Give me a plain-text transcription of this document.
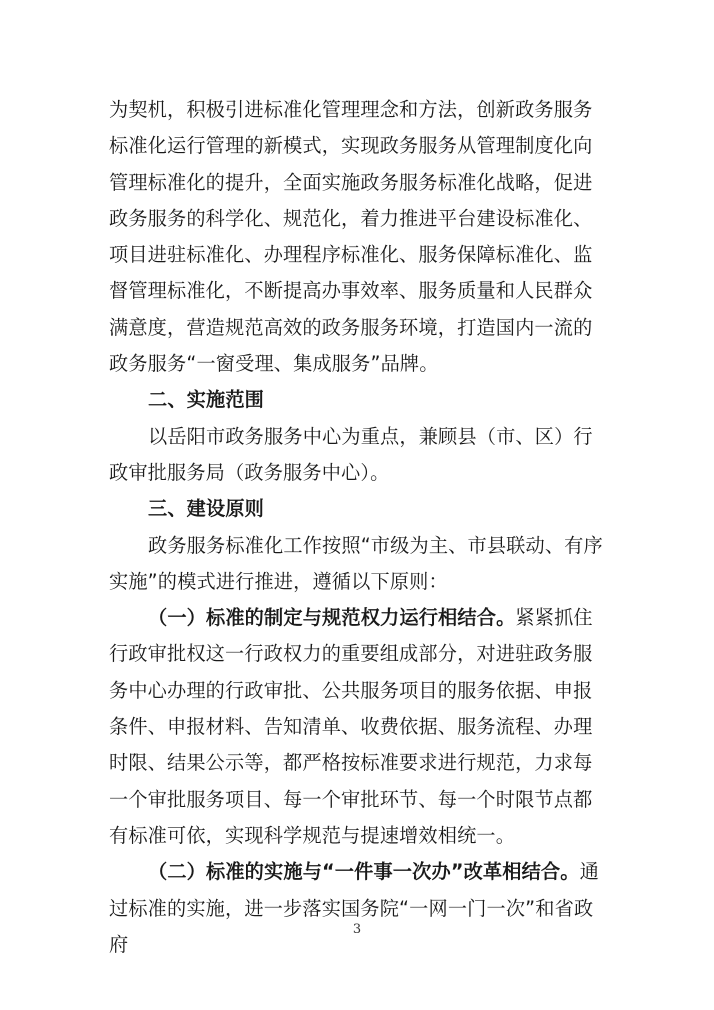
为契机，积极引进标准化管理理念和方法，创新政务服务标准化运行管理的新模式，实现政务服务从管理制度化向管理标准化的提升，全面实施政务服务标准化战略，促进政务服务的科学化、规范化，着力推进平台建设标准化、项目进驻标准化、办理程序标准化、服务保障标准化、监督管理标准化，不断提高办事效率、服务质量和人民群众满意度，营造规范高效的政务服务环境，打造国内一流的政务服务“一窗受理、集成服务”品牌。

二、实施范围

以岳阳市政务服务中心为重点，兼顾县（市、区）行政审批服务局（政务服务中心）。

三、建设原则

政务服务标准化工作按照“市级为主、市县联动、有序实施”的模式进行推进，遵循以下原则：

（一）标准的制定与规范权力运行相结合。紧紧抓住行政审批权这一行政权力的重要组成部分，对进驻政务服务中心办理的行政审批、公共服务项目的服务依据、申报条件、申报材料、告知清单、收费依据、服务流程、办理时限、结果公示等，都严格按标准要求进行规范，力求每一个审批服务项目、每一个审批环节、每一个时限节点都有标准可依，实现科学规范与提速增效相统一。

（二）标准的实施与“一件事一次办”改革相结合。通过标准的实施，进一步落实国务院“一网一门一次”和省政府

3
